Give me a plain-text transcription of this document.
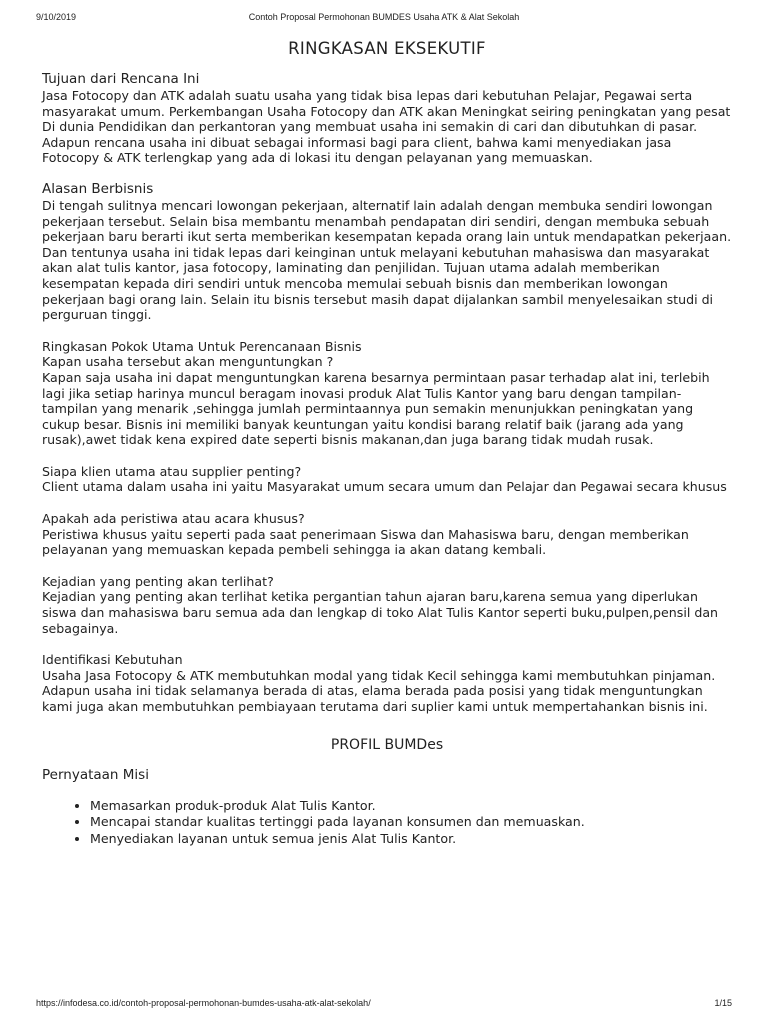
9/10/2019	Contoh Proposal Permohonan BUMDES Usaha ATK & Alat Sekolah
RINGKASAN EKSEKUTIF
Tujuan dari Rencana Ini

Jasa Fotocopy dan ATK adalah suatu usaha yang tidak bisa lepas dari kebutuhan Pelajar, Pegawai serta masyarakat umum. Perkembangan Usaha Fotocopy dan ATK akan Meningkat seiring peningkatan yang pesat Di dunia Pendidikan dan perkantoran yang membuat usaha ini semakin di cari dan dibutuhkan di pasar. Adapun rencana usaha ini dibuat sebagai informasi bagi para client, bahwa kami menyediakan jasa Fotocopy & ATK terlengkap yang ada di lokasi itu dengan pelayanan yang memuaskan.

Alasan Berbisnis

Di tengah sulitnya mencari lowongan pekerjaan, alternatif lain adalah dengan membuka sendiri lowongan pekerjaan tersebut. Selain bisa membantu menambah pendapatan diri sendiri, dengan membuka sebuah pekerjaan baru berarti ikut serta memberikan kesempatan kepada orang lain untuk mendapatkan pekerjaan. Dan tentunya usaha ini tidak lepas dari keinginan untuk melayani kebutuhan mahasiswa dan masyarakat akan alat tulis kantor, jasa fotocopy, laminating dan penjilidan. Tujuan utama adalah memberikan kesempatan kepada diri sendiri untuk mencoba memulai sebuah bisnis dan memberikan lowongan pekerjaan bagi orang lain. Selain itu bisnis tersebut masih dapat dijalankan sambil menyelesaikan studi di perguruan tinggi.

Ringkasan Pokok Utama Untuk Perencanaan Bisnis

Kapan usaha tersebut akan menguntungkan ?

Kapan saja usaha ini dapat menguntungkan karena besarnya permintaan pasar terhadap alat ini, terlebih lagi jika setiap harinya muncul beragam inovasi produk Alat Tulis Kantor yang baru dengan tampilan-tampilan yang menarik ,sehingga jumlah permintaannya pun semakin menunjukkan peningkatan yang cukup besar. Bisnis ini memiliki banyak keuntungan yaitu kondisi barang relatif baik (jarang ada yang rusak),awet tidak kena expired date seperti bisnis makanan,dan juga barang tidak mudah rusak.

Siapa klien utama atau supplier penting?

Client utama dalam usaha ini yaitu Masyarakat umum secara umum dan Pelajar dan Pegawai secara khusus

Apakah ada peristiwa atau acara khusus?

Peristiwa khusus yaitu seperti pada saat penerimaan Siswa dan Mahasiswa baru, dengan memberikan pelayanan yang memuaskan kepada pembeli sehingga ia akan datang kembali.

Kejadian yang penting akan terlihat?

Kejadian yang penting akan terlihat ketika pergantian tahun ajaran baru,karena semua yang diperlukan siswa dan mahasiswa baru semua ada dan lengkap di toko Alat Tulis Kantor seperti buku,pulpen,pensil dan sebagainya.

Identifikasi Kebutuhan

Usaha Jasa Fotocopy & ATK membutuhkan modal yang tidak Kecil sehingga kami membutuhkan pinjaman. Adapun usaha ini tidak selamanya berada di atas, elama berada pada posisi yang tidak menguntungkan kami juga akan membutuhkan pembiayaan terutama dari suplier kami untuk mempertahankan bisnis ini.

PROFIL BUMDes
Pernyataan Misi
• Memasarkan produk-produk Alat Tulis Kantor.
• Mencapai standar kualitas tertinggi pada layanan konsumen dan memuaskan.
• Menyediakan layanan untuk semua jenis Alat Tulis Kantor.
https://infodesa.co.id/contoh-proposal-permohonan-bumdes-usaha-atk-alat-sekolah/	1/15
